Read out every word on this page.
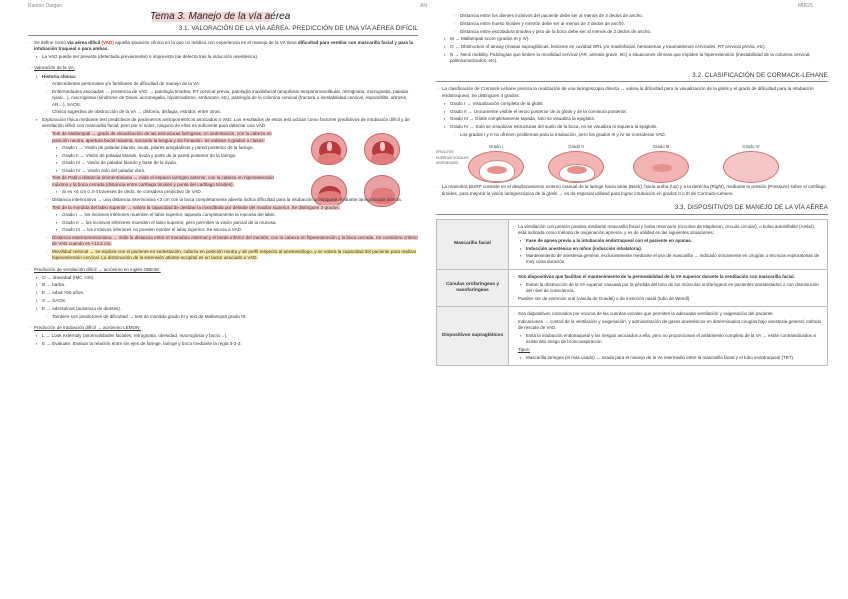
Ramon Dargan	AN	MIR25
Tema 3. Manejo de la vía aérea
3.1. VALORACIÓN DE LA VÍA AÉREA. PREDICCIÓN DE UNA VÍA AÉREA DIFÍCIL
- Se define como vía aérea difícil (VAD) aquella situación clínica en la que un médico con experiencia en el manejo de la VA tiene dificultad para ventilar con mascarilla facial y para la intubación traqueal o para ambas.
▪ La VAD puede ser prevista (detectada previamente) o imprevista (se detecta tras la inducción anestésica).
- Valoración de la VA:
▪ Historia clínica:
◦ Antecedentes personales y/o familiares de dificultad de manejo de la VA.
◦ Enfermedades asociadas → presencia de VAD → patología tiroidea, RT cervical previa, patología maxilofacial (anquilosis temporomandibular, retrognatia, micrognatia, paladar ojival…), macroglosia (síndrome de Down, acromegalia, hipotiroidismo, embarazo, etc), patología de la columna cervical (fractura o inestabilidad cervical, espondilitis, artrosis, AR…), SAOS.
◦ Clínica sugestiva de obstrucción de la VA → disfonía, disfagia, estridor, entre otras.
▪ Exploración física mediante test predictivos de parámetros antropométricos asociados a VAD. Los resultados de estos test actúan como factores predictivos de intubación difícil y de ventilación difícil con mascarilla facial, pero por sí solos, ninguno de ellos es suficiente para detectar una VAD.
◦ Test de Mallampati → grado de visualización de las estructuras faríngeas, en sedestación, con la cabeza en posición neutra, apertura bucal máxima, sacando la lengua y sin fonación. Se valoran 4 grados o clases:
▪ Grado I → Visión de paladar blando, úvula, pilares amigdalinos y pared posterior de la faringe.
▪ Grado II → Visión de paladar blando, úvula y parte de la pared posterior de la faringe.
▪ Grado III → Visión de paladar blando y base de la úvula.
▪ Grado IV → Visión solo del paladar duro.
◦ Test de Patil o distancia tiromentoniana → mide el espacio laríngeo anterior, con la cabeza en hiperextensión máxima y la boca cerrada (distancia entre cartílago tiroides y punta del cartílago tiroides).
▪ Si es <6 cm o 3-4 traveses de dedo, se considera predictivo de VAD.
◦ Distancia interincisiva → una distancia interincisiva <3 cm con la boca completamente abierta indica dificultad para la intubación orotraqueal mediante laringoscopia directa.
◦ Test de la mordida del labio superior → valora la capacidad de deslizar la mandíbula por delante del maxilar superior. Se distinguen 3 grados:
▪ Grado I → los incisivos inferiores muerden el labio superior, tapando completamente la mucosa del labio.
▪ Grado II → los incisivos inferiores muerden el labio superior, pero permiten la visión parcial de la mucosa.
▪ Grado III → los incisivos inferiores no pueden morder el labio superior. Se asocia a VAD.
◦ Distancia esternomentoniana → mide la distancia entre el manubrio esternal y el borde inferior del mentón, con la cabeza en hiperextensión y la boca cerrada. Se considera criterio de VAD cuando es <12,5 cm.
◦ Movilidad cervical → se explora con el paciente en sedestación, cabeza en posición neutra y de perfil respecto al anestesiólogo, y se valora la capacidad del paciente para realizar hiperextensión cervical. La disminución de la extensión atlanto-occipital es un factor asociado a VAD.
- Predicción de ventilación difícil → acrónimo en inglés OBESE:
▪ O → obesidad (IMC >30).
▪ B → barba.
▪ E → edad >55 años.
▪ S → SAOS.
▪ E → edentulous (ausencia de dientes).
◦ También son predictores de dificultad → test de mordida grado III y test de Mallampati grado III.
- Predicción de intubación difícil → acrónimo LEMON:
▪ L → Look externaly (anormalidades faciales, retrognatia, obesidad, macroglosia y bocio…).
▪ E → Evaluate. Evaluar la relación entre los ejes de faringe, laringe y boca mediante la regla 3-3-2:
◦ Distancia entre los dientes incisivos del paciente debe ser al menos de 3 dedos de ancho.
◦ Distancia entre hueso hioides y mentón debe ser al menos de 3 dedos de ancho.
◦ Distancia entre escotadura tiroidea y piso de la boca debe ser al menos de 2 dedos de ancho.
▪ M → Mallampati score (grados III y IV).
▪ O → Obstruction of airway (masas supraglóticas, lesiones en cavidad ORL y/o maxilofacial, hematomas y traumatismos cervicales, RT cervical previa, etc).
▪ N → Neck mobility. Patologías que limiten la movilidad cervical (AR, artrosis grave, etc) o situaciones clínicas que impiden la hiperextensión (inestabilidad de la columna cervical, politraumatizados, etc).
3.2. CLASIFICACIÓN DE CORMACK-LEHANE
- La clasificación de Cormack-Lehane precisa la realización de una laringoscopia directa → valora la dificultad para la visualización de la glotis y el grado de dificultad para la intubación endotraqueal. Se distinguen 4 grados:
▪ Grado I → Visualización completa de la glotis.
▪ Grado II → Únicamente visible el tercio posterior de la glotis y de la comisura posterior.
▪ Grado III → Glotis completamente tapada, solo se visualiza la epiglotis.
▪ Grado IV → Solo se visualizan estructuras del suelo de la boca, no se visualiza ni siquiera la epiglotis.
- Los grados I y II no ofrecen problemas para la intubación, pero los grados III y IV se consideran VAD.
EPIGLOTIS
CUERDAS VOCALES
ARITENOIDES
Grado I	Grado II	Grado III	Grado IV
- La maniobra BURP consiste en el desplazamiento externo manual de la laringe hacia atrás (Back), hacia arriba (Up) y a la derecha (Right), mediante la presión (Pressure) sobre el cartílago tiroides, para mejorar la visión laringoscópica de la glotis → es de especial utilidad para lograr intubación en grados II o III de Cormack-Lehane.
3.3. DISPOSITIVOS DE MANEJO DE LA VÍA AÉREA
Mascarilla facial	- La ventilación con presión positiva mediante mascarilla facial y bolsa reservorio (circuitos de Mapleson, circuito circular), o bolsa autoinflable (Ambú), está indicada como método de oxigenación apneica, y es de utilidad en las siguientes situaciones:
▪ Fase de apnea previa a la intubación endotraqueal con el paciente en ayunas.
▪ Inducción anestésica en niños (inducción inhalatoria).
▪ Mantenimiento de anestesia general, exclusivamente mediante el uso de mascarilla → indicado únicamente en cirugías o técnicas exploratorias de muy corta duración.

Cánulas orofaríngeas y nasofaríngeas	- Son dispositivos que facilitan el mantenimiento de la permeabilidad de la VA superior durante la ventilación con mascarilla facial.
▪ Evitan la obstrucción de la VA superior causada por la pérdida del tono de los músculos orofaríngeos en pacientes anestesiados o con disminución del nivel de consciencia.
- Pueden ser de inserción oral (cánula de Guedel) o de inserción nasal (tubo de Wendl).

Dispositivos supraglóticos	- Son dispositivos colocados por encima de las cuerdas vocales que permiten la adecuada ventilación y oxigenación del paciente.
- Indicaciones → control de la ventilación y oxigenación, y administración de gases anestésicos en determinados cirugías bajo anestesia general; método de rescate de VAD.
▪ Evita la intubación endotraqueal y los riesgos asociados a ella, pero no proporcionan el aislamiento completo de la VA → están contraindicados si existe alto riesgo de broncoaspiración.
- Tipos:
▪ Mascarilla laríngea (el más usado) → usada para el manejo de la VA intermedio entre la mascarilla facial y el tubo endotraqueal (TET).
